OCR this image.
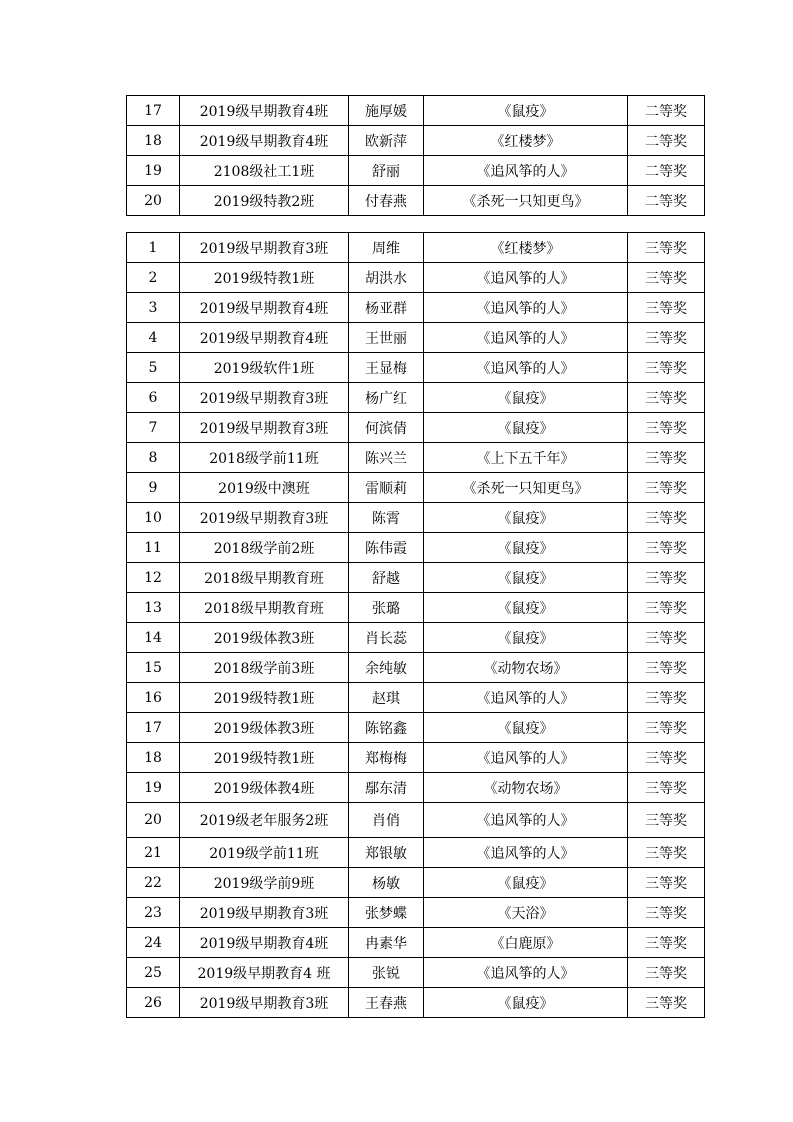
17	2019级早期教育4班	施厚媛	《鼠疫》	二等奖
18	2019级早期教育4班	欧新萍	《红楼梦》	二等奖
19	2108级社工1班	舒丽	《追风筝的人》	二等奖
20	2019级特教2班	付春燕	《杀死一只知更鸟》	二等奖
1	2019级早期教育3班	周维	《红楼梦》	三等奖
2	2019级特教1班	胡洪水	《追风筝的人》	三等奖
3	2019级早期教育4班	杨亚群	《追风筝的人》	三等奖
4	2019级早期教育4班	王世丽	《追风筝的人》	三等奖
5	2019级软件1班	王显梅	《追风筝的人》	三等奖
6	2019级早期教育3班	杨广红	《鼠疫》	三等奖
7	2019级早期教育3班	何滨倩	《鼠疫》	三等奖
8	2018级学前11班	陈兴兰	《上下五千年》	三等奖
9	2019级中澳班	雷顺莉	《杀死一只知更鸟》	三等奖
10	2019级早期教育3班	陈霄	《鼠疫》	三等奖
11	2018级学前2班	陈伟霞	《鼠疫》	三等奖
12	2018级早期教育班	舒越	《鼠疫》	三等奖
13	2018级早期教育班	张璐	《鼠疫》	三等奖
14	2019级体教3班	肖长蕊	《鼠疫》	三等奖
15	2018级学前3班	余纯敏	《动物农场》	三等奖
16	2019级特教1班	赵琪	《追风筝的人》	三等奖
17	2019级体教3班	陈铭鑫	《鼠疫》	三等奖
18	2019级特教1班	郑梅梅	《追风筝的人》	三等奖
19	2019级体教4班	鄢东清	《动物农场》	三等奖
20	2019级老年服务2班	肖俏	《追风筝的人》	三等奖
21	2019级学前11班	郑银敏	《追风筝的人》	三等奖
22	2019级学前9班	杨敏	《鼠疫》	三等奖
23	2019级早期教育3班	张梦蝶	《天浴》	三等奖
24	2019级早期教育4班	冉素华	《白鹿原》	三等奖
25	2019级早期教育4 班	张锐	《追风筝的人》	三等奖
26	2019级早期教育3班	王春燕	《鼠疫》	三等奖
